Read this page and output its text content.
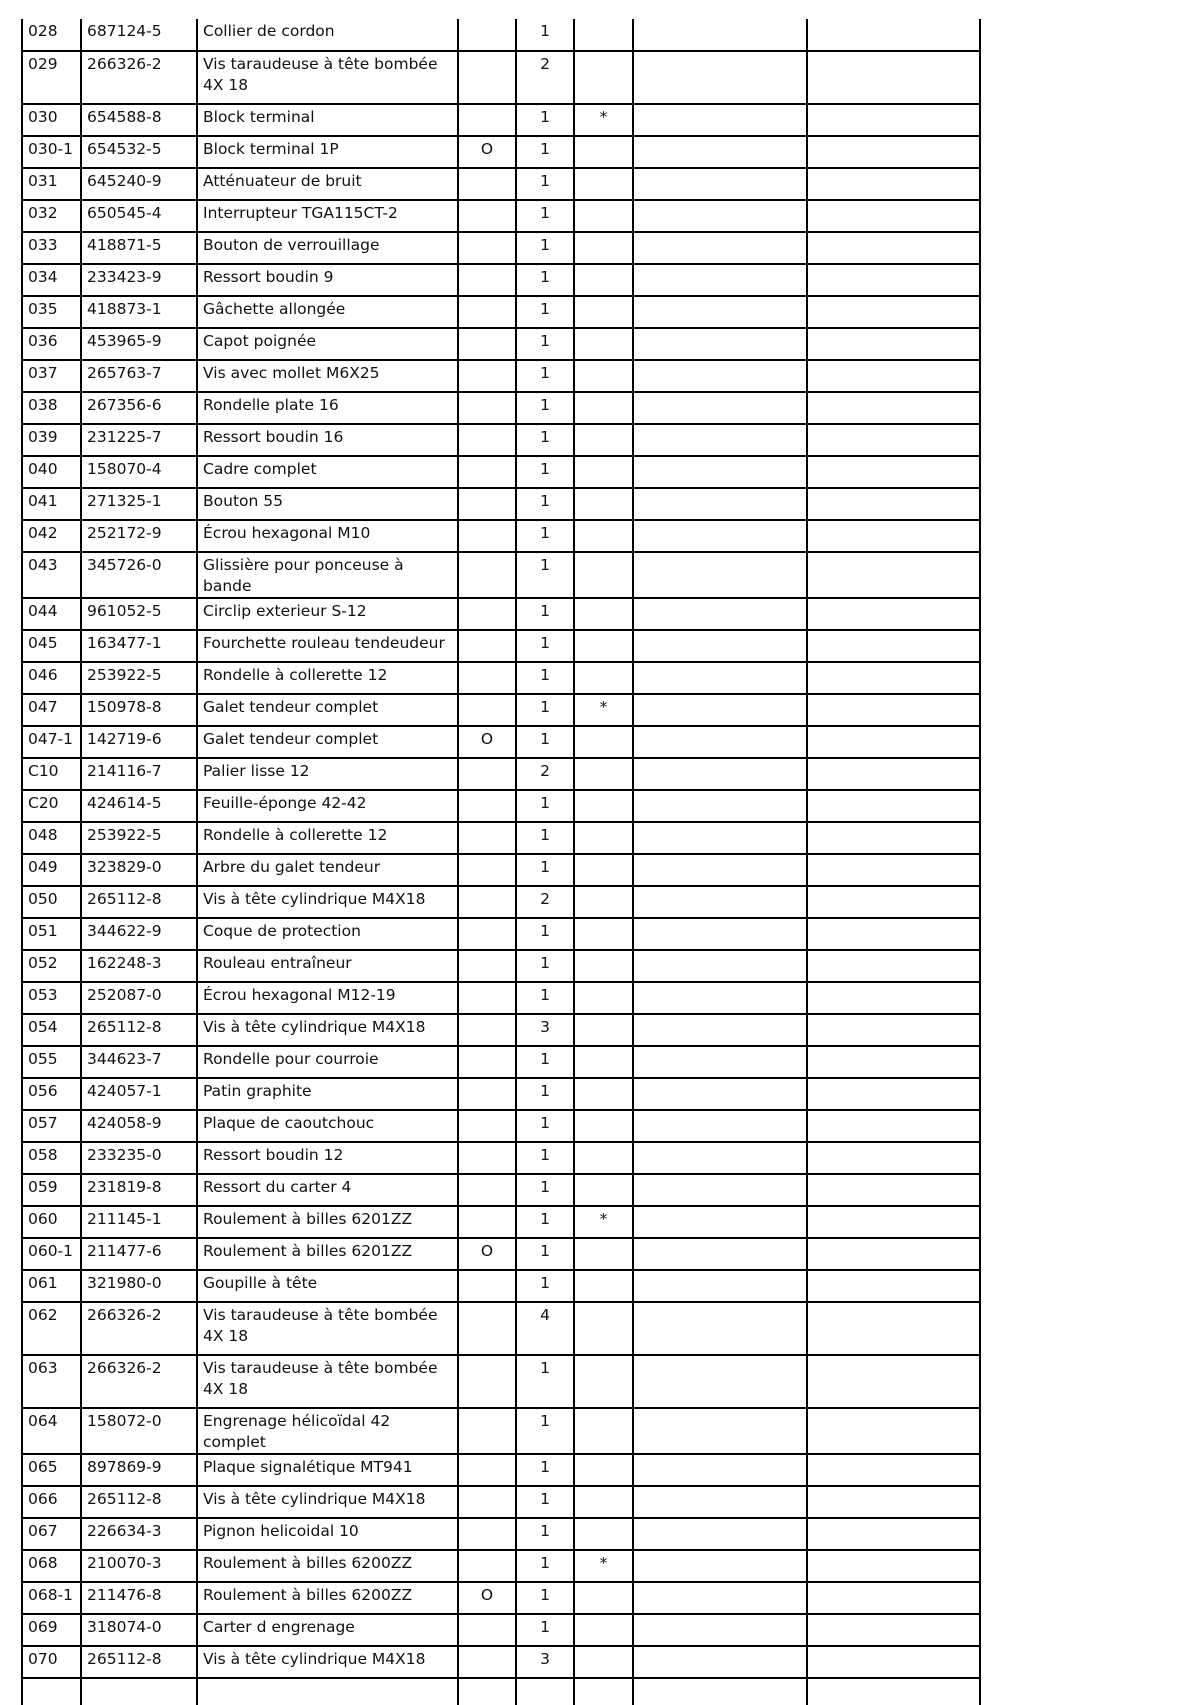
028	687124-5	Collier de cordon		1			
029	266326-2	Vis taraudeuse à tête bombée 4X 18		2			
030	654588-8	Block terminal		1	*		
030-1	654532-5	Block terminal 1P	O	1			
031	645240-9	Atténuateur de bruit		1			
032	650545-4	Interrupteur TGA115CT-2		1			
033	418871-5	Bouton de verrouillage		1			
034	233423-9	Ressort boudin 9		1			
035	418873-1	Gâchette allongée		1			
036	453965-9	Capot poignée		1			
037	265763-7	Vis avec mollet M6X25		1			
038	267356-6	Rondelle plate 16		1			
039	231225-7	Ressort boudin 16		1			
040	158070-4	Cadre complet		1			
041	271325-1	Bouton 55		1			
042	252172-9	Écrou hexagonal M10		1			
043	345726-0	Glissière pour ponceuse à bande		1			
044	961052-5	Circlip exterieur S-12		1			
045	163477-1	Fourchette rouleau tendeudeur		1			
046	253922-5	Rondelle à collerette 12		1			
047	150978-8	Galet tendeur complet		1	*		
047-1	142719-6	Galet tendeur complet	O	1			
C10	214116-7	Palier lisse 12		2			
C20	424614-5	Feuille-éponge 42-42		1			
048	253922-5	Rondelle à collerette 12		1			
049	323829-0	Arbre du galet tendeur		1			
050	265112-8	Vis à tête cylindrique M4X18		2			
051	344622-9	Coque de protection		1			
052	162248-3	Rouleau entraîneur		1			
053	252087-0	Écrou hexagonal M12-19		1			
054	265112-8	Vis à tête cylindrique M4X18		3			
055	344623-7	Rondelle pour courroie		1			
056	424057-1	Patin graphite		1			
057	424058-9	Plaque de caoutchouc		1			
058	233235-0	Ressort boudin 12		1			
059	231819-8	Ressort du carter 4		1			
060	211145-1	Roulement à billes 6201ZZ		1	*		
060-1	211477-6	Roulement à billes 6201ZZ	O	1			
061	321980-0	Goupille à tête		1			
062	266326-2	Vis taraudeuse à tête bombée 4X 18		4			
063	266326-2	Vis taraudeuse à tête bombée 4X 18		1			
064	158072-0	Engrenage hélicoïdal 42 complet		1			
065	897869-9	Plaque signalétique MT941		1			
066	265112-8	Vis à tête cylindrique M4X18		1			
067	226634-3	Pignon helicoidal 10		1			
068	210070-3	Roulement à billes 6200ZZ		1	*		
068-1	211476-8	Roulement à billes 6200ZZ	O	1			
069	318074-0	Carter d engrenage		1			
070	265112-8	Vis à tête cylindrique M4X18		3			
